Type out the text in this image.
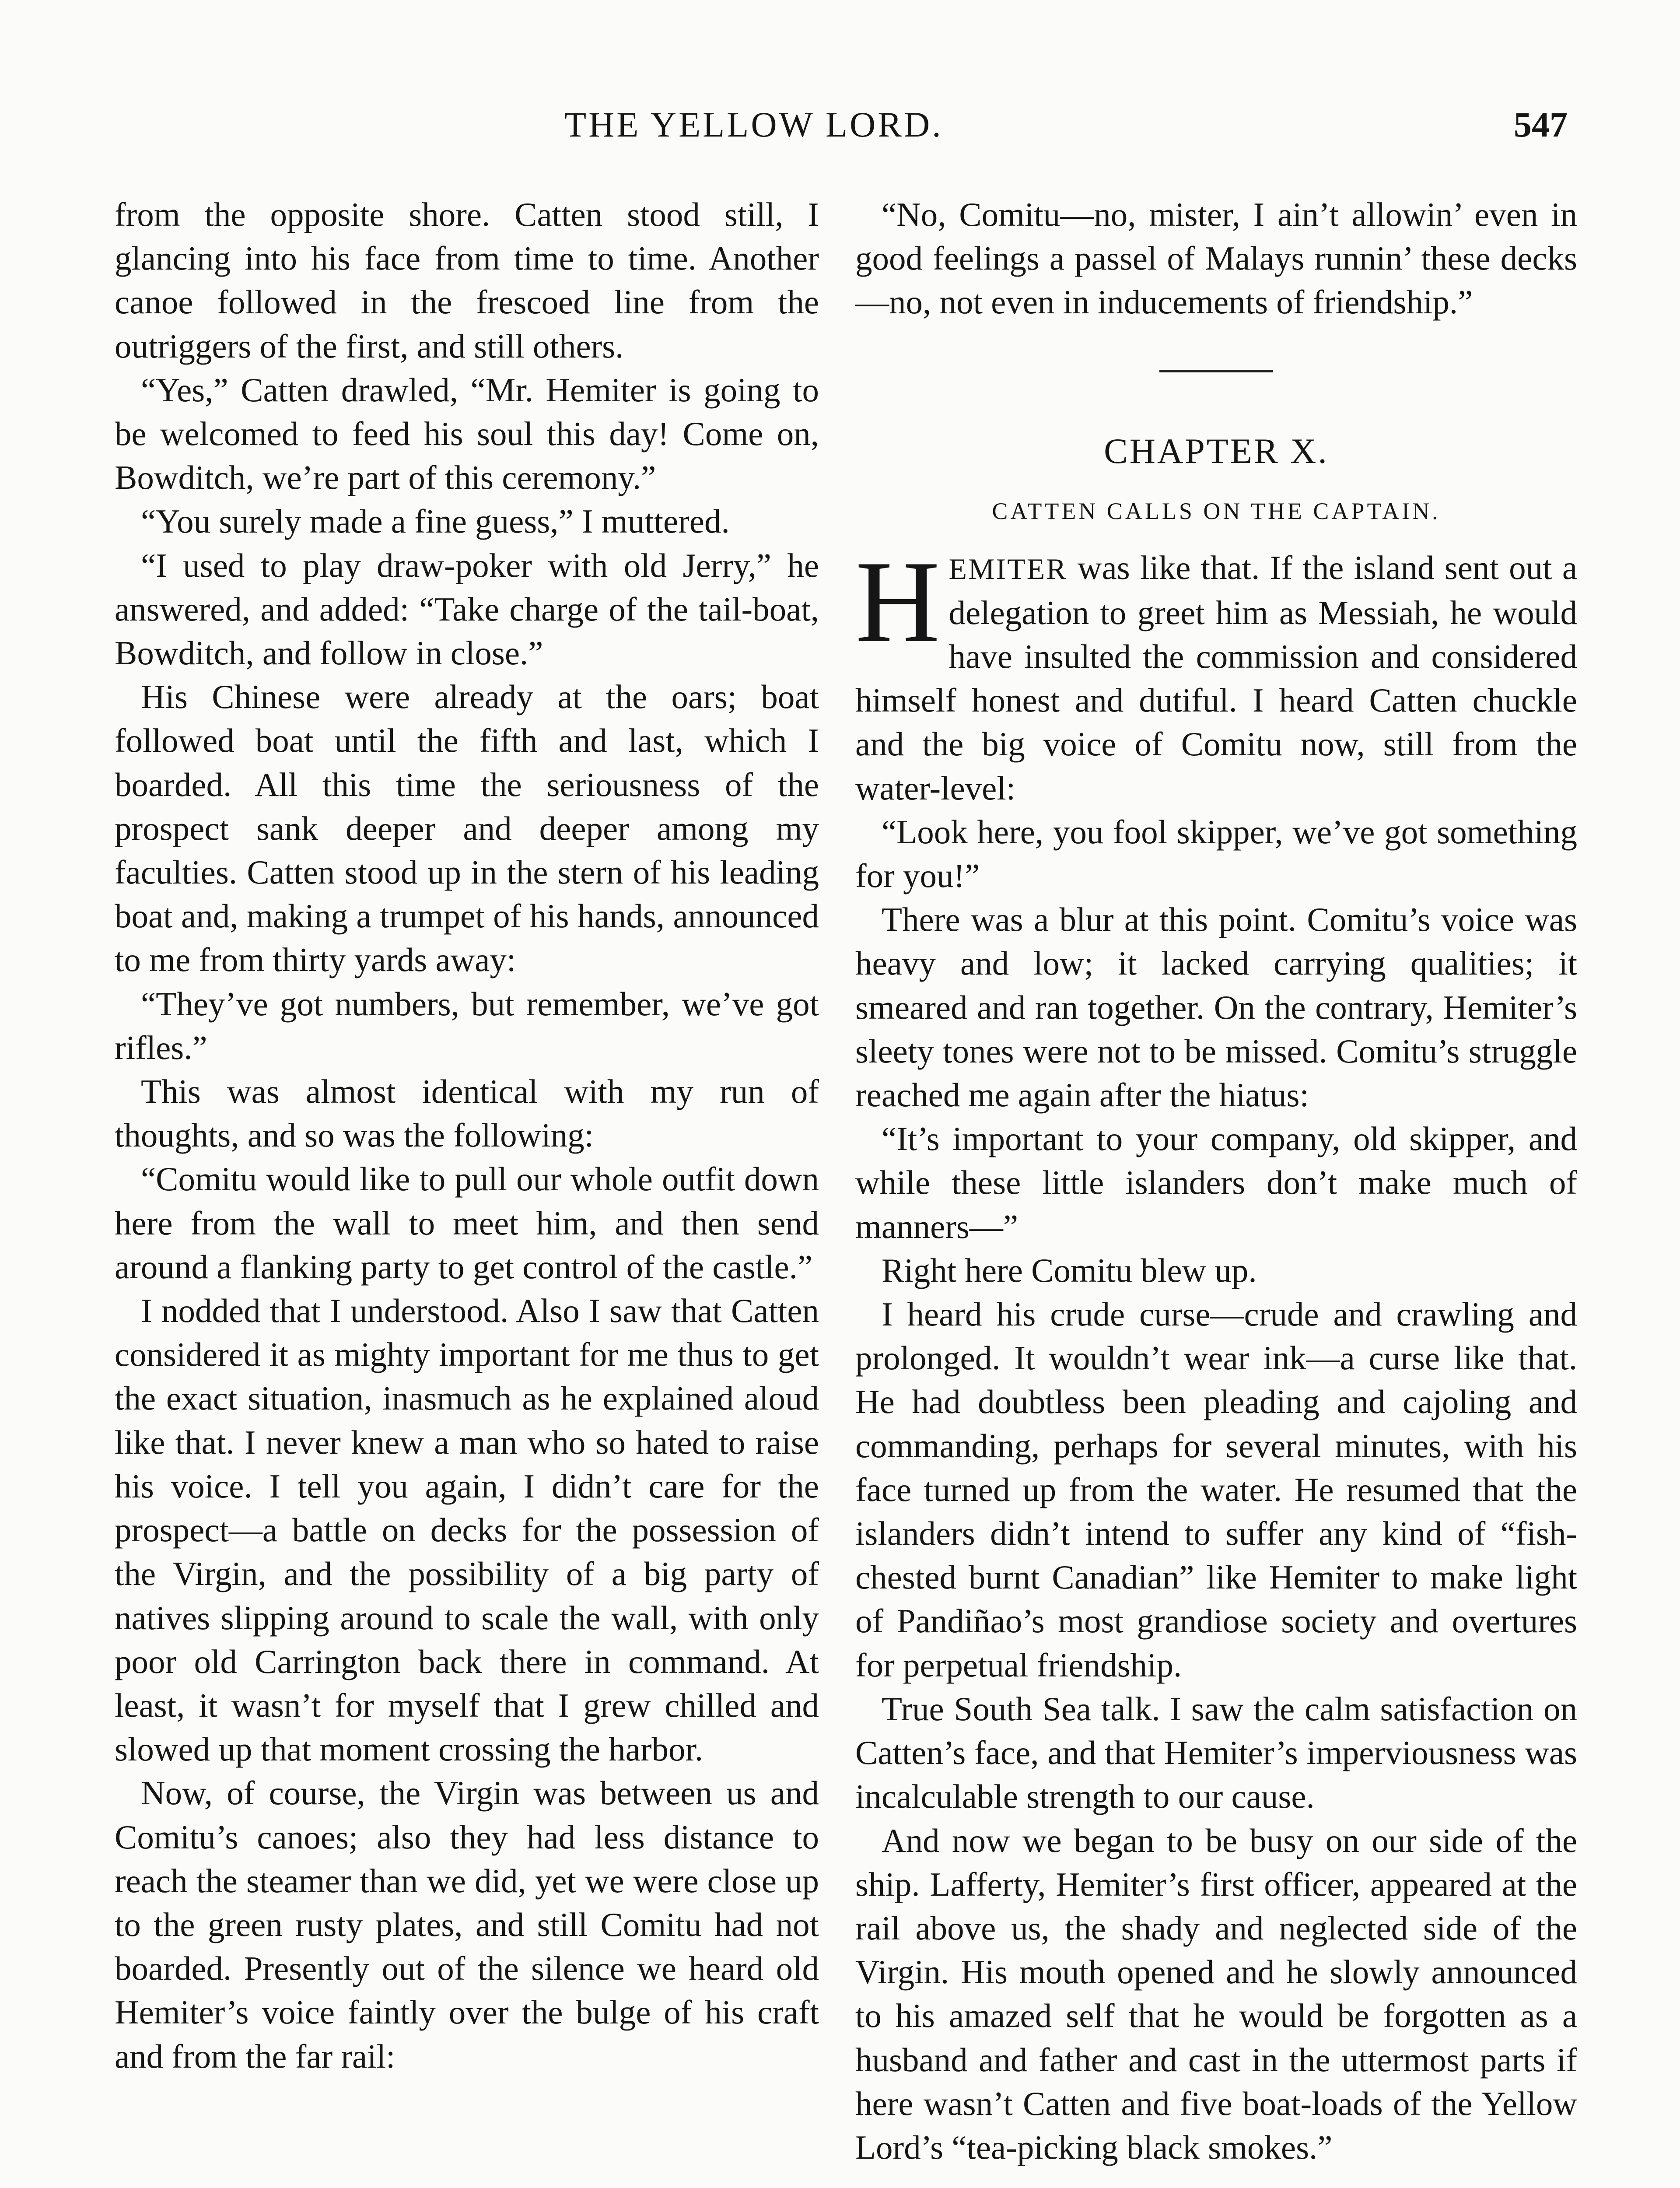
THE YELLOW LORD.	547

from the opposite shore. Catten stood still, I glancing into his face from time to time. Another canoe followed in the frescoed line from the outriggers of the first, and still others.

“Yes,” Catten drawled, “Mr. Hemiter is going to be welcomed to feed his soul this day! Come on, Bowditch, we’re part of this ceremony.”

“You surely made a fine guess,” I muttered.

“I used to play draw-poker with old Jerry,” he answered, and added: “Take charge of the tail-boat, Bowditch, and follow in close.”

His Chinese were already at the oars; boat followed boat until the fifth and last, which I boarded. All this time the seriousness of the prospect sank deeper and deeper among my faculties. Catten stood up in the stern of his leading boat and, making a trumpet of his hands, announced to me from thirty yards away:

“They’ve got numbers, but remember, we’ve got rifles.”

This was almost identical with my run of thoughts, and so was the following:

“Comitu would like to pull our whole outfit down here from the wall to meet him, and then send around a flanking party to get control of the castle.”

I nodded that I understood. Also I saw that Catten considered it as mighty important for me thus to get the exact situation, inasmuch as he explained aloud like that. I never knew a man who so hated to raise his voice. I tell you again, I didn’t care for the prospect—a battle on decks for the possession of the Virgin, and the possibility of a big party of natives slipping around to scale the wall, with only poor old Carrington back there in command. At least, it wasn’t for myself that I grew chilled and slowed up that moment crossing the harbor.

Now, of course, the Virgin was between us and Comitu’s canoes; also they had less distance to reach the steamer than we did, yet we were close up to the green rusty plates, and still Comitu had not boarded. Presently out of the silence we heard old Hemiter’s voice faintly over the bulge of his craft and from the far rail:

“No, Comitu—no, mister, I ain’t allowin’ even in good feelings a passel of Malays runnin’ these decks—no, not even in inducements of friendship.”

CHAPTER X.
CATTEN CALLS ON THE CAPTAIN.

HEMITER was like that. If the island sent out a delegation to greet him as Messiah, he would have insulted the commission and considered himself honest and dutiful. I heard Catten chuckle and the big voice of Comitu now, still from the water-level:

“Look here, you fool skipper, we’ve got something for you!”

There was a blur at this point. Comitu’s voice was heavy and low; it lacked carrying qualities; it smeared and ran together. On the contrary, Hemiter’s sleety tones were not to be missed. Comitu’s struggle reached me again after the hiatus:

“It’s important to your company, old skipper, and while these little islanders don’t make much of manners—”

Right here Comitu blew up.

I heard his crude curse—crude and crawling and prolonged. It wouldn’t wear ink—a curse like that. He had doubtless been pleading and cajoling and commanding, perhaps for several minutes, with his face turned up from the water. He resumed that the islanders didn’t intend to suffer any kind of “fish-chested burnt Canadian” like Hemiter to make light of Pandiñao’s most grandiose society and overtures for perpetual friendship.

True South Sea talk. I saw the calm satisfaction on Catten’s face, and that Hemiter’s imperviousness was incalculable strength to our cause.

And now we began to be busy on our side of the ship. Lafferty, Hemiter’s first officer, appeared at the rail above us, the shady and neglected side of the Virgin. His mouth opened and he slowly announced to his amazed self that he would be forgotten as a husband and father and cast in the uttermost parts if here wasn’t Catten and five boat-loads of the Yellow Lord’s “tea-picking black smokes.”
